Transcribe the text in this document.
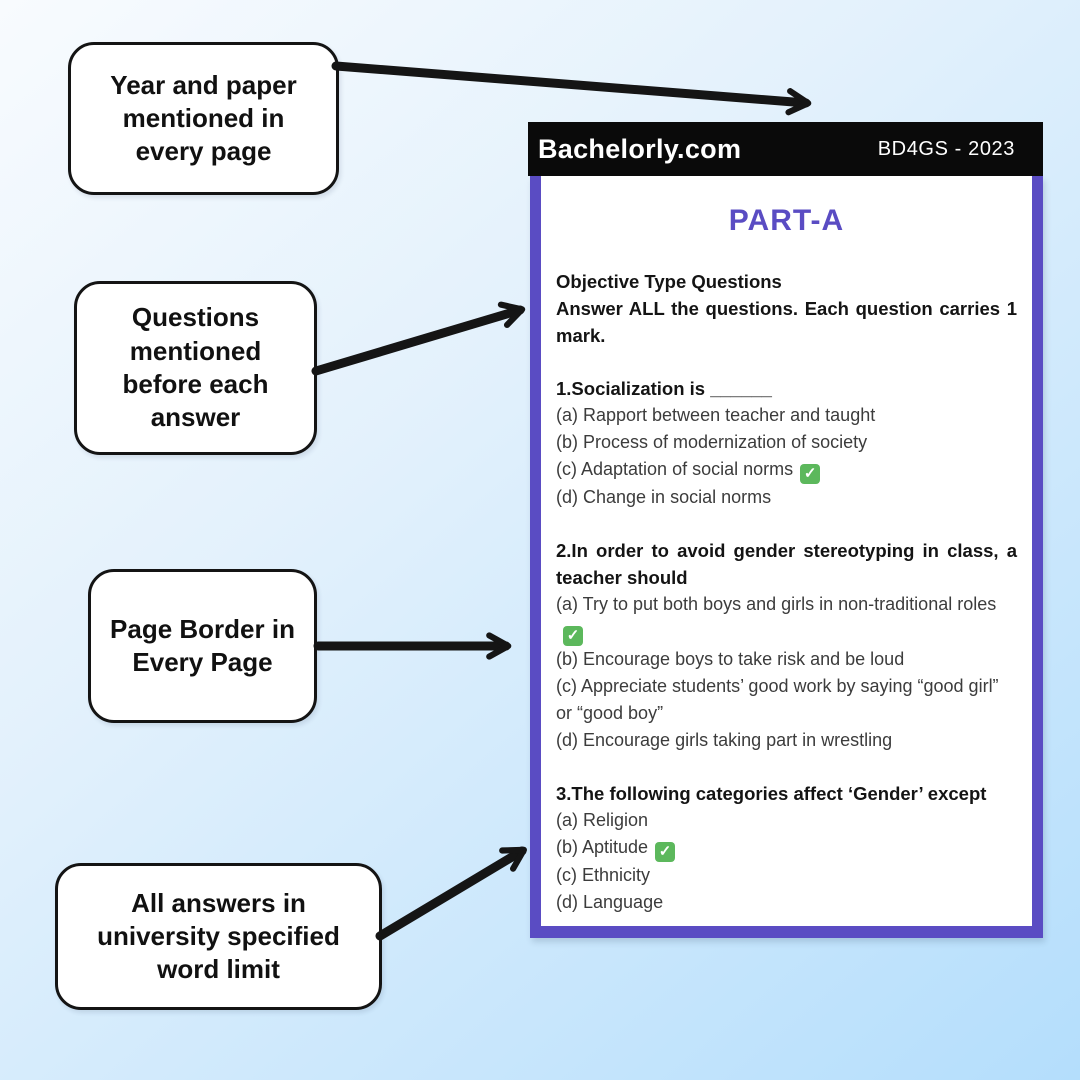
Year and paper mentioned in every page
Questions mentioned before each answer
Page Border in Every Page
All answers in university specified word limit
Bachelorly.com	BD4GS - 2023
PART-A
Objective Type Questions
Answer ALL the questions. Each question carries 1 mark.
1.Socialization is ______
(a) Rapport between teacher and taught
(b) Process of modernization of society
(c) Adaptation of social norms ✓
(d) Change in social norms
2.In order to avoid gender stereotyping in class, a teacher should
(a) Try to put both boys and girls in non-traditional roles✓
(b) Encourage boys to take risk and be loud
(c) Appreciate students’ good work by saying “good girl” or “good boy”
(d) Encourage girls taking part in wrestling
3.The following categories affect ‘Gender’ except
(a) Religion
(b) Aptitude ✓
(c) Ethnicity
(d) Language
